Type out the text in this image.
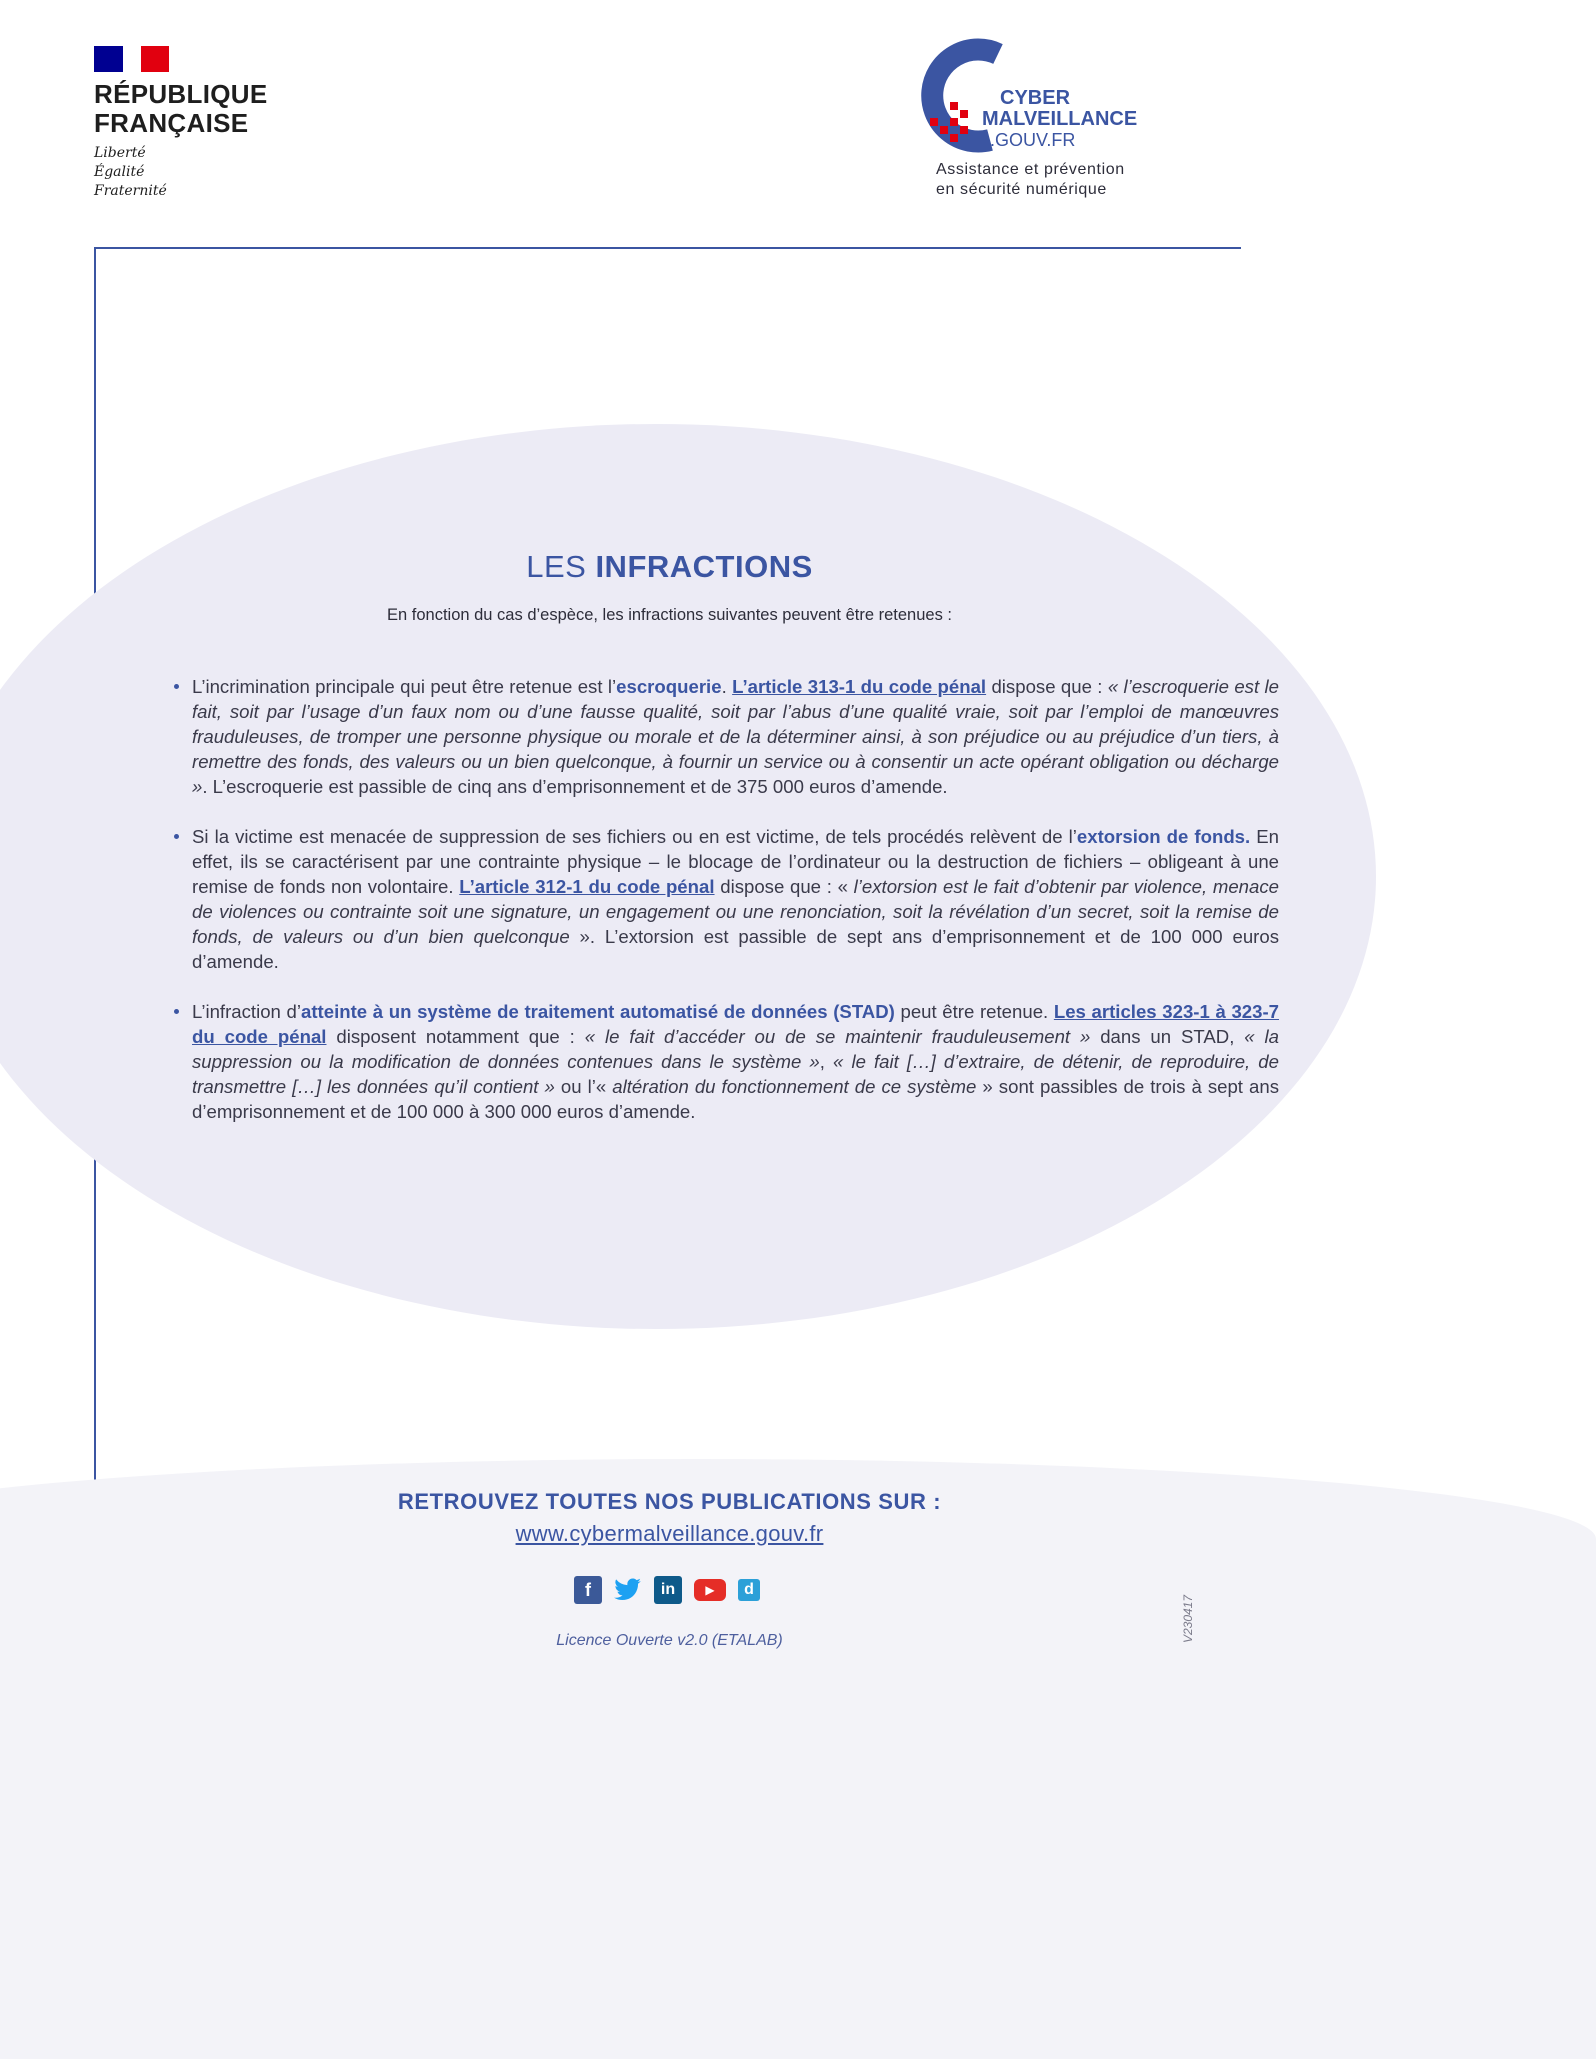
RÉPUBLIQUE
FRANÇAISE
Liberté
Égalité
Fraternité
CYBER
MALVEILLANCE
.GOUV.FR
Assistance et prévention
en sécurité numérique
LES INFRACTIONS
En fonction du cas d’espèce, les infractions suivantes peuvent être retenues :
L’incrimination principale qui peut être retenue est l’escroquerie. L’article 313-1 du code pénal dispose que : « l’escroquerie est le fait, soit par l’usage d’un faux nom ou d’une fausse qualité, soit par l’abus d’une qualité vraie, soit par l’emploi de manœuvres frauduleuses, de tromper une personne physique ou morale et de la déterminer ainsi, à son préjudice ou au préjudice d’un tiers, à remettre des fonds, des valeurs ou un bien quelconque, à fournir un service ou à consentir un acte opérant obligation ou décharge ». L’escroquerie est passible de cinq ans d’emprisonnement et de 375 000 euros d’amende.
Si la victime est menacée de suppression de ses fichiers ou en est victime, de tels procédés relèvent de l’extorsion de fonds. En effet, ils se caractérisent par une contrainte physique – le blocage de l’ordinateur ou la destruction de fichiers – obligeant à une remise de fonds non volontaire. L’article 312-1 du code pénal dispose que : « l’extorsion est le fait d’obtenir par violence, menace de violences ou contrainte soit une signature, un engagement ou une renonciation, soit la révélation d’un secret, soit la remise de fonds, de valeurs ou d’un bien quelconque ». L’extorsion est passible de sept ans d’emprisonnement et de 100 000 euros d’amende.
L’infraction d’atteinte à un système de traitement automatisé de données (STAD) peut être retenue. Les articles 323-1 à 323-7 du code pénal disposent notamment que : « le fait d’accéder ou de se maintenir frauduleusement » dans un STAD, « la suppression ou la modification de données contenues dans le système », « le fait […] d’extraire, de détenir, de reproduire, de transmettre […] les données qu’il contient » ou l’« altération du fonctionnement de ce système » sont passibles de trois à sept ans d’emprisonnement et de 100 000 à 300 000 euros d’amende.
RETROUVEZ TOUTES NOS PUBLICATIONS SUR :
www.cybermalveillance.gouv.fr
f	in	▶ d
Licence Ouverte v2.0 (ETALAB)	V230417
